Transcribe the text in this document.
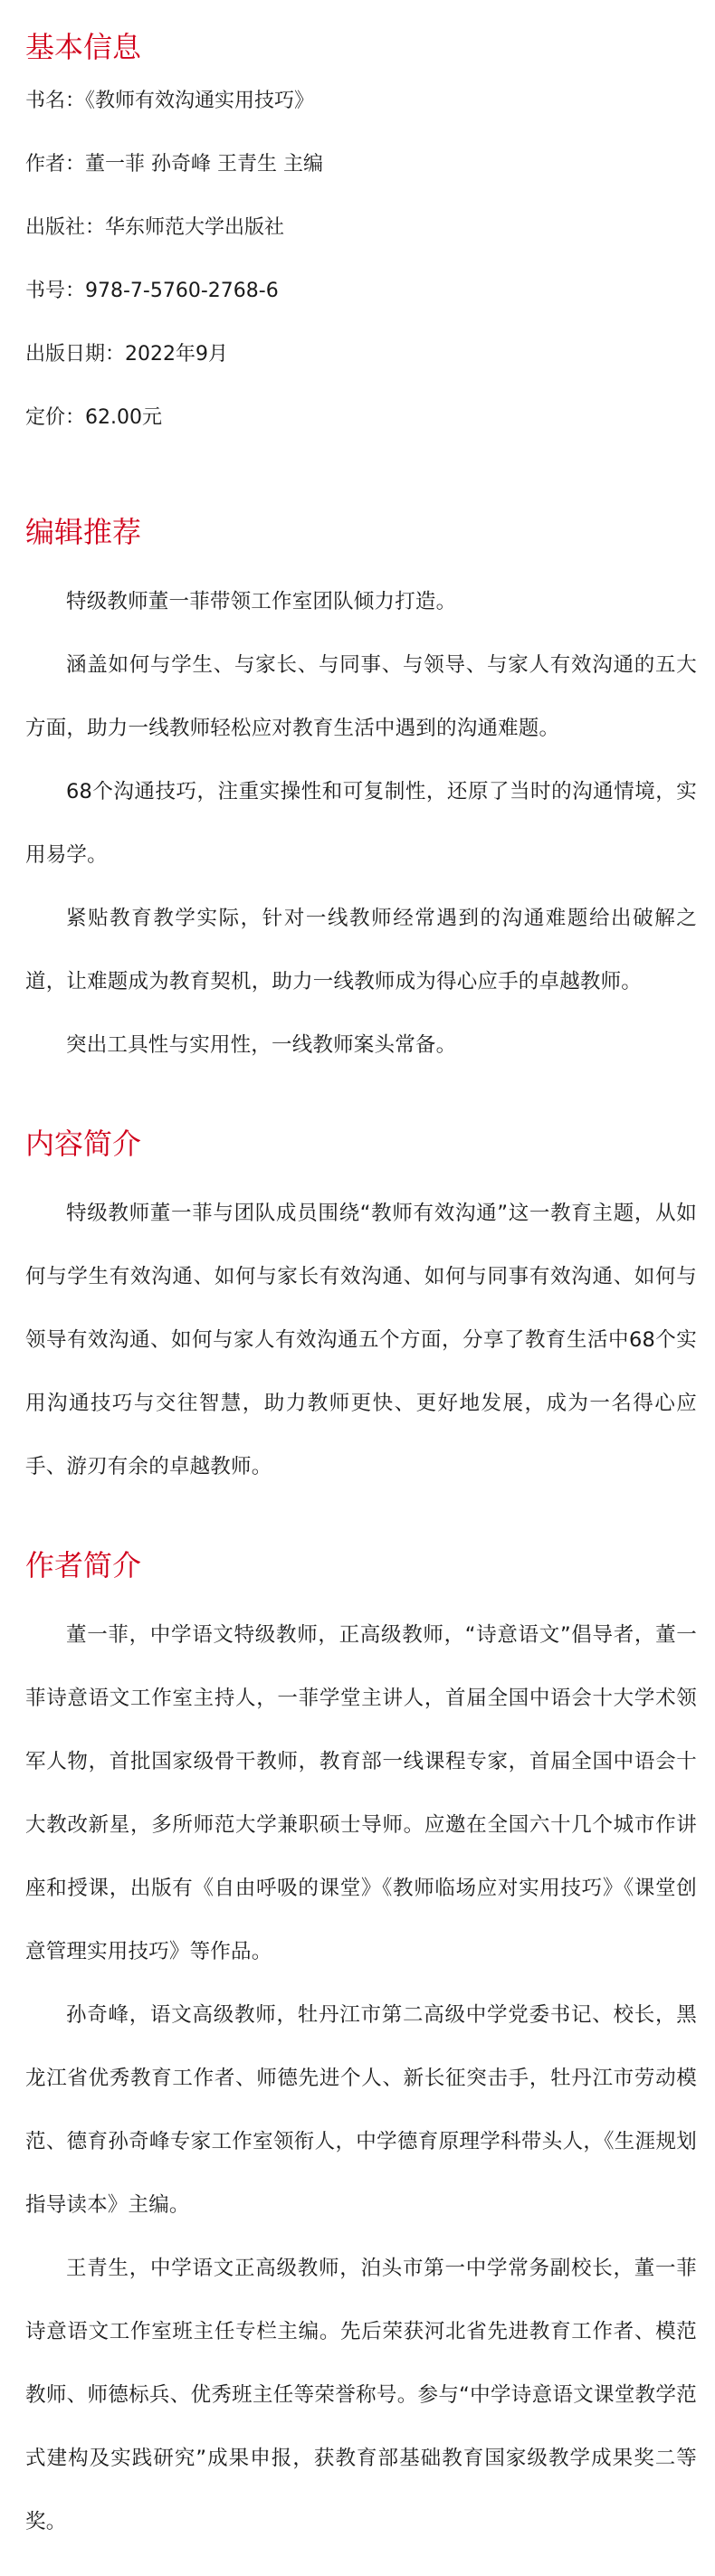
基本信息

书名：《教师有效沟通实用技巧》

作者：董一菲 孙奇峰 王青生 主编

出版社：华东师范大学出版社

书号：978-7-5760-2768-6

出版日期：2022年9月

定价：62.00元

编辑推荐

特级教师董一菲带领工作室团队倾力打造。

涵盖如何与学生、与家长、与同事、与领导、与家人有效沟通的五大方面，助力一线教师轻松应对教育生活中遇到的沟通难题。

68个沟通技巧，注重实操性和可复制性，还原了当时的沟通情境，实用易学。

紧贴教育教学实际，针对一线教师经常遇到的沟通难题给出破解之道，让难题成为教育契机，助力一线教师成为得心应手的卓越教师。

突出工具性与实用性，一线教师案头常备。

内容简介

特级教师董一菲与团队成员围绕“教师有效沟通”这一教育主题，从如何与学生有效沟通、如何与家长有效沟通、如何与同事有效沟通、如何与领导有效沟通、如何与家人有效沟通五个方面，分享了教育生活中68个实用沟通技巧与交往智慧，助力教师更快、更好地发展，成为一名得心应手、游刃有余的卓越教师。

作者简介

董一菲，中学语文特级教师，正高级教师，“诗意语文”倡导者，董一菲诗意语文工作室主持人，一菲学堂主讲人，首届全国中语会十大学术领军人物，首批国家级骨干教师，教育部一线课程专家，首届全国中语会十大教改新星，多所师范大学兼职硕士导师。应邀在全国六十几个城市作讲座和授课，出版有《自由呼吸的课堂》《教师临场应对实用技巧》《课堂创意管理实用技巧》等作品。

孙奇峰，语文高级教师，牡丹江市第二高级中学党委书记、校长，黑龙江省优秀教育工作者、师德先进个人、新长征突击手，牡丹江市劳动模范、德育孙奇峰专家工作室领衔人，中学德育原理学科带头人，《生涯规划指导读本》主编。

王青生，中学语文正高级教师，泊头市第一中学常务副校长，董一菲诗意语文工作室班主任专栏主编。先后荣获河北省先进教育工作者、模范教师、师德标兵、优秀班主任等荣誉称号。参与“中学诗意语文课堂教学范式建构及实践研究”成果申报，获教育部基础教育国家级教学成果奖二等奖。
